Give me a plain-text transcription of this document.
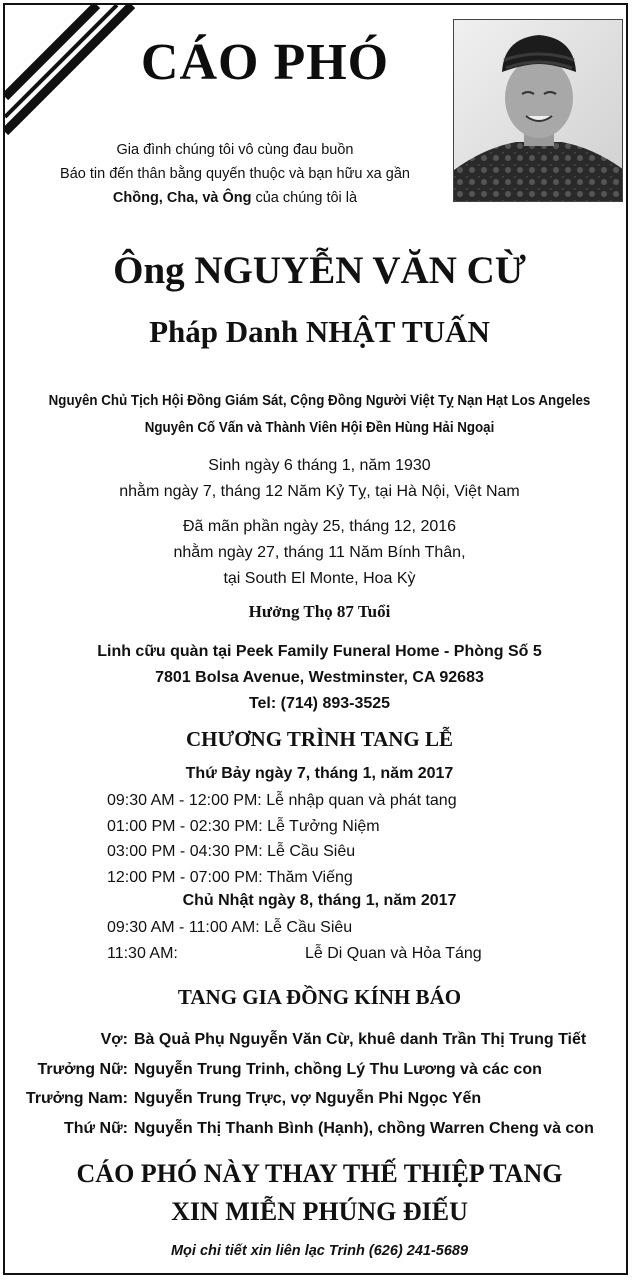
CÁO PHÓ
Gia đình chúng tôi vô cùng đau buồn
Báo tin đến thân bằng quyến thuộc và bạn hữu xa gần
Chồng, Cha, và Ông của chúng tôi là
Ông NGUYỄN VĂN CỪ
Pháp Danh NHẬT TUẤN
Nguyên Chủ Tịch Hội Đồng Giám Sát, Cộng Đồng Người Việt Tỵ Nạn Hạt Los Angeles
Nguyên Cố Vấn và Thành Viên Hội Đền Hùng Hải Ngoại
Sinh ngày 6 tháng 1, năm 1930
nhằm ngày 7, tháng 12 Năm Kỷ Tỵ, tại Hà Nội, Việt Nam
Đã mãn phần ngày 25, tháng 12, 2016
nhằm ngày 27, tháng 11 Năm Bính Thân,
tại South El Monte, Hoa Kỳ
Hưởng Thọ 87 Tuổi
Linh cữu quàn tại Peek Family Funeral Home - Phòng Số 5
7801 Bolsa Avenue, Westminster, CA 92683
Tel: (714) 893-3525
CHƯƠNG TRÌNH TANG LỄ
Thứ Bảy ngày 7, tháng 1, năm 2017
09:30 AM - 12:00 PM: Lễ nhập quan và phát tang
01:00 PM - 02:30 PM: Lễ Tưởng Niệm
03:00 PM - 04:30 PM: Lễ Cầu Siêu
12:00 PM - 07:00 PM: Thăm Viếng
Chủ Nhật ngày 8, tháng 1, năm 2017
09:30 AM - 11:00 AM: Lễ Cầu Siêu
11:30 AM:	Lễ Di Quan và Hỏa Táng
TANG GIA ĐỒNG KÍNH BÁO
Vợ: Bà Quả Phụ Nguyễn Văn Cừ, khuê danh Trần Thị Trung Tiết
Trưởng Nữ: Nguyễn Trung Trinh, chồng Lý Thu Lương và các con
Trưởng Nam: Nguyễn Trung Trực, vợ Nguyễn Phi Ngọc Yến
Thứ Nữ: Nguyễn Thị Thanh Bình (Hạnh), chồng Warren Cheng và con
CÁO PHÓ NÀY THAY THẾ THIỆP TANG
XIN MIỄN PHÚNG ĐIẾU
Mọi chi tiết xin liên lạc Trinh (626) 241-5689
